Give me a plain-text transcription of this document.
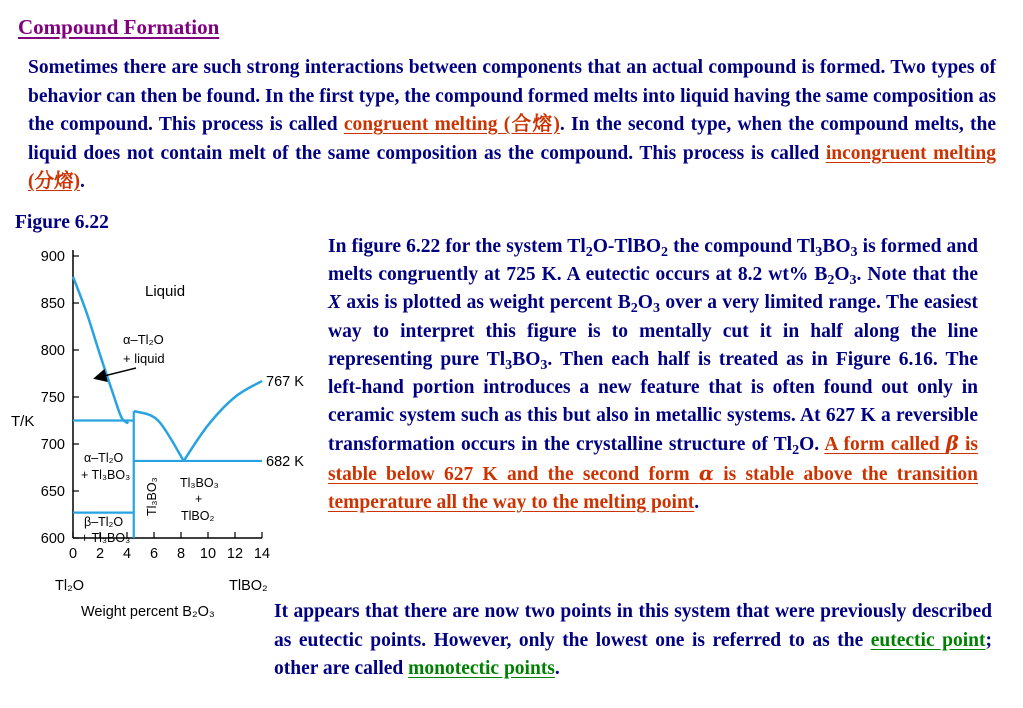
Compound Formation

Sometimes there are such strong interactions between components that an actual compound is formed. Two types of behavior can then be found. In the first type, the compound formed melts into liquid having the same composition as the compound. This process is called congruent melting (合熔). In the second type, when the compound melts, the liquid does not contain melt of the same composition as the compound. This process is called incongruent melting (分熔).

Figure 6.22
600
650
700
750
800
850
900
0 2 4 6 8 10 12 14
767 K
682 K
Liquid
α–Tl₂O
+ liquid
α–Tl₂O
+ Tl₃BO₃
Tl₃BO₃ Tl₃BO₃
+
TlBO₂
β–Tl₂O
+ Tl₃BO₃
T/K
Tl₂O	TlBO₂
Weight percent B₂O₃

In figure 6.22 for the system $Tl_2O-TlBO_2$ the compound $Tl_3BO_3$ is formed and melts congruently at 725 K. A eutectic occurs at 8.2 wt% $B_2O_3$. Note that the X axis is plotted as weight percent $B_2O_3$ over a very limited range. The easiest way to interpret this figure is to mentally cut it in half along the line representing pure $Tl_3BO_3$. Then each half is treated as in Figure 6.16. The left-hand portion introduces a new feature that is often found out only in ceramic system such as this but also in metallic systems. At 627 K a reversible transformation occurs in the crystalline structure of $Tl_2O$. A form called β is stable below 627 K and the second form α is stable above the transition temperature all the way to the melting point.

It appears that there are now two points in this system that were previously described as eutectic points. However, only the lowest one is referred to as the eutectic point; other are called monotectic points.
